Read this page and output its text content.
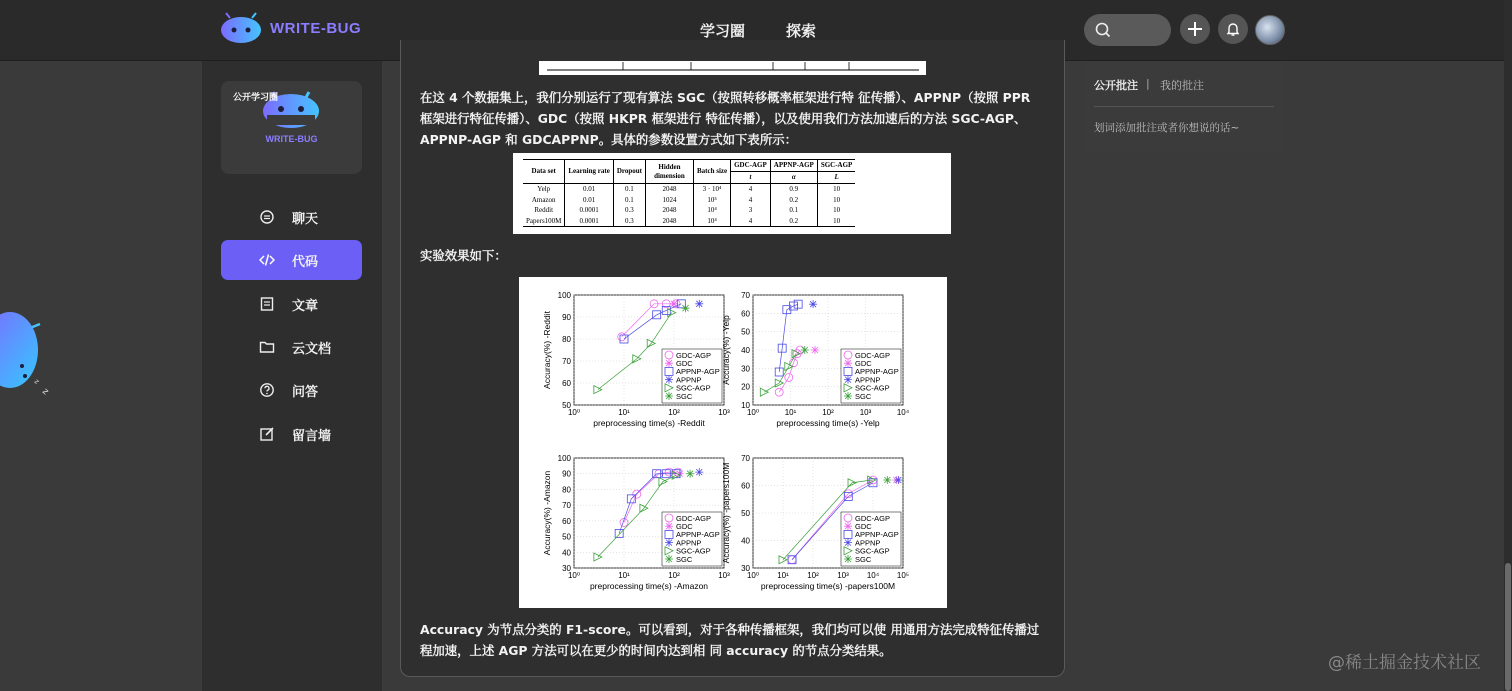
WRITE-BUG	学习圈	探索
公开学习圈
WRITE-BUG
聊天
代码
文章
云文档
问答
留言墙
z
z
在这 4 个数据集上，我们分别运行了现有算法 SGC（按照转移概率框架进行特 征传播）、APPNP（按照 PPR 框架进行特征传播）、GDC（按照 HKPR 框架进行 特征传播），以及使用我们方法加速后的方法 SGC-AGP、APPNP-AGP 和 GDCAPPNP。具体的参数设置方式如下表所示：
Data set	Learning rate	Dropout	Hidden dimension	Batch size	GDC-AGP	APPNP-AGP	SGC-AGP
					t	α	L
Yelp	0.01	0.1	2048	3 · 10⁴	4	0.9	10
Amazon	0.01	0.1	1024	10⁵	4	0.2	10
Reddit	0.0001	0.3	2048	10⁴	3	0.1	10
Papers100M	0.0001	0.3	2048	10⁴	4	0.2	10
实验效果如下：
50
60
70
80
90
100
10⁰	10¹	10²	10³
preprocessing time(s) -Reddit
Accuracy(%) -Reddit	GDC-AGP
GDC
APPNP-AGP
APPNP
SGC-AGP
SGC
10
20
30
40
50
60
70
10⁰	10¹	10²	10³	10⁴
preprocessing time(s) -Yelp
Accuracy(%) -Yelp	GDC-AGP
GDC
APPNP-AGP
APPNP
SGC-AGP
SGC
30
40
50
60
70
80
90
100
10⁰	10¹	10²	10³
preprocessing time(s) -Amazon
Accuracy(%) -Amazon	GDC-AGP
GDC
APPNP-AGP
APPNP
SGC-AGP
SGC
30
40
50
60
70
10⁰ 10¹ 10² 10³ 10⁴ 10⁵
preprocessing time(s) -papers100M
Accuracy(%) -papers100M	GDC-AGP
GDC
APPNP-AGP
APPNP
SGC-AGP
SGC
Accuracy 为节点分类的 F1-score。可以看到，对于各种传播框架，我们均可以使 用通用方法完成特征传播过程加速，上述 AGP 方法可以在更少的时间内达到相 同 accuracy 的节点分类结果。
公开批注 | 我的批注
划词添加批注或者你想说的话~
@稀土掘金技术社区
